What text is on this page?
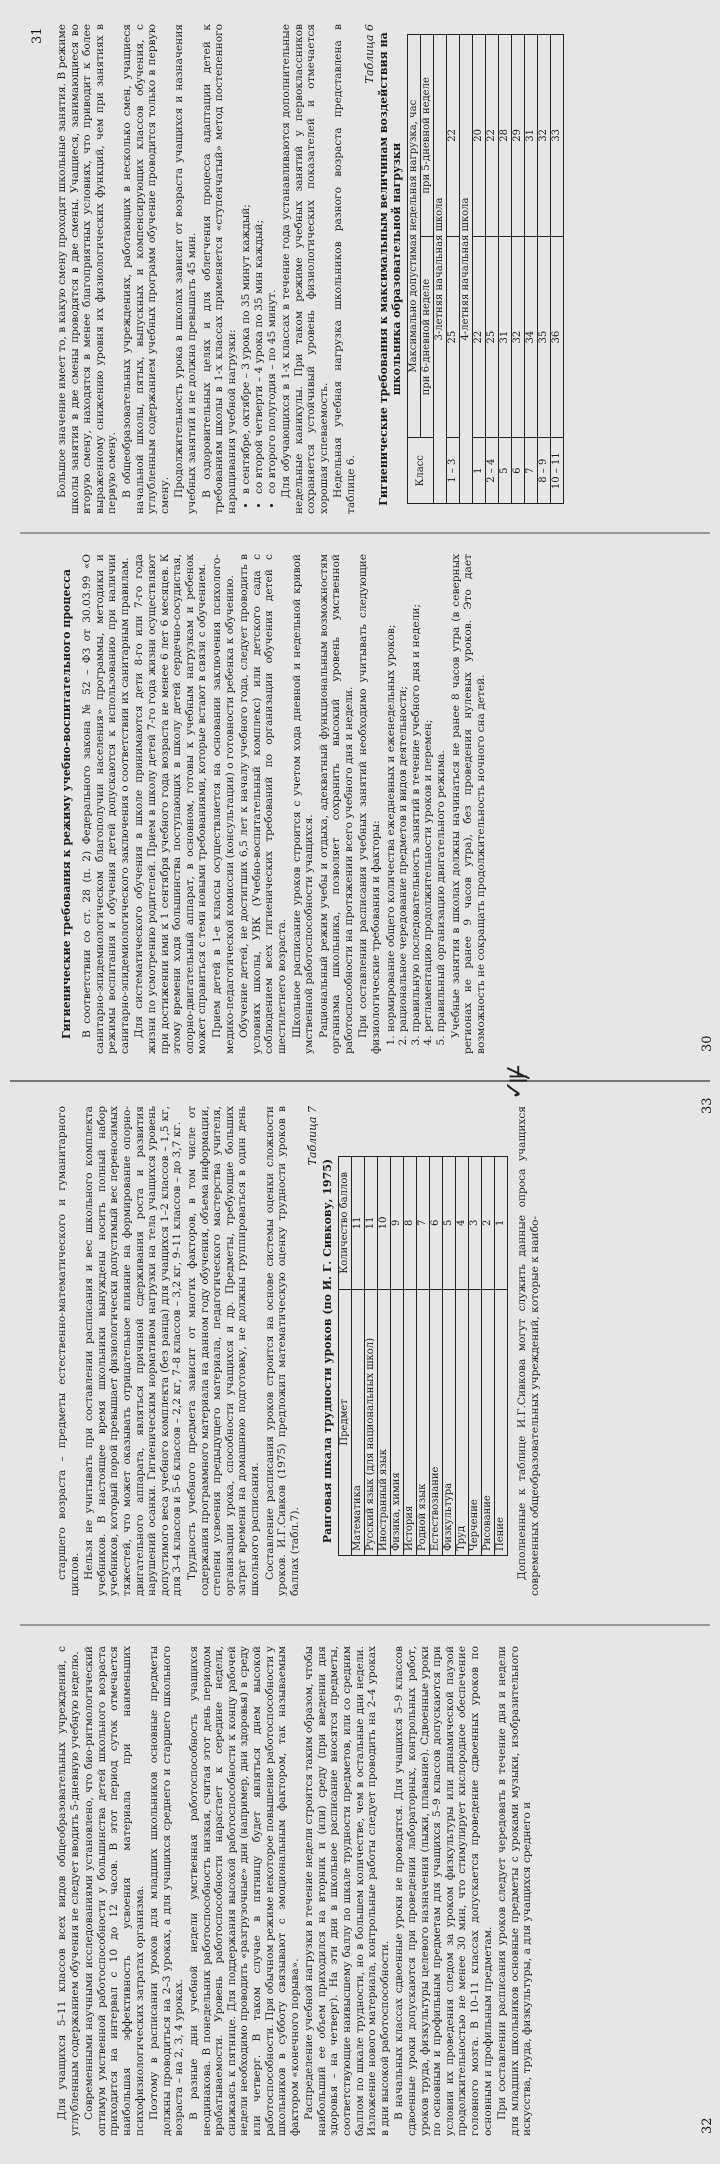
Для учащихся 5–11 классов всех видов общеобразовательных учреждений, с углубленным содержанием обучения не следует вводить 5-дневную учебную неделю. Современными научными исследованиями установлено, что био-ритмологический оптимум умственной работоспособности у большинства детей школьного возраста приходится на интервал с 10 до 12 часов. В этот период суток отмечается наибольшая эффективность усвоения материала при наименьших психофизиологических затратах организма. Поэтому в расписании уроков для младших школьников основные предметы должны проводиться на 2–3 уроках, а для учащихся среднего и старшего школьного возраста – на 2, 3, 4 уроках. В разные дни учебной недели умственная работоспособность учащихся неодинакова. В понедельник работоспособность низкая, считая этот день периодом врабатываемости. Уровень работоспособности нарастает к середине недели, снижаясь к пятнице. Для поддержания высокой работоспособности к концу рабочей недели необходимо проводить «разгрузочные» дни (например, дни здоровья) в среду или четверг. В таком случае в пятницу будет являться днем высокой работоспособности. При обычном режиме некоторое повышение работоспособности у школьников в субботу связывают с эмоциональным фактором, так называемым фактором «конечного порыва». Распределение учебной нагрузки в течение недели строится таким образом, чтобы наибольший ее объем приходился на вторник и (или) среду (при введении дня здоровья – на четверг). На эти дни в школьное расписание вносятся предметы, соответствующие наивысшему баллу по шкале трудности предметов, или со средним баллом по шкале трудности, но в большем количестве, чем в остальные дни недели. Изложение нового материала, контрольные работы следует проводить на 2–4 уроках в дни высокой работоспособности. В начальных классах сдвоенные уроки не проводятся. Для учащихся 5–9 классов сдвоенные уроки допускаются при проведении лабораторных, контрольных работ, уроков труда, физкультуры целевого назначения (лыжи, плавание). Сдвоенные уроки по основным и профильным предметам для учащихся 5–9 классов допускаются при условии их проведения следом за уроком физкультуры или динамической паузой продолжительностью не менее 30 мин, что стимулирует кислородное обеспечение головного мозга. В 10–11 классах допускается проведение сдвоенных уроков по основным и профильным предметам. При составлении расписания уроков следует чередовать в течение дня и недели для младших школьников основные предметы с уроками музыки, изобразительного искусства, труда, физкультуры, а для учащихся среднего и	32

старшего возраста – предметы естественно-математического и гуманитарного циклов. Нельзя не учитывать при составлении расписания и вес школьного комплекта учебников. В настоящее время школьники вынуждены носить полный набор учебников, который порой превышает физиологически допустимый вес переносимых тяжестей, что может оказывать отрицательное влияние на формирование опорно-двигательного аппарата, являться причиной сдерживания роста и развития нарушений осанки. Гигиеническим нормативом нагрузки на тела учащихся уровень допустимого веса учебного комплекта (без ранца) для учащихся 1–2 классов – 1,5 кг, для 3–4 классов и 5–6 классов – 2,2 кг, 7–8 классов – 3,2 кг, 9–11 классов – до 3,7 кг. Трудность учебного предмета зависит от многих факторов, в том числе от содержания программного материала на данном году обучения, объема информации, степени усвоения предыдущего материала, педагогического мастерства учителя, организации урока, способности учащихся и др. Предметы, требующие больших затрат времени на домашнюю подготовку, не должны группироваться в один день школьного расписания. Составление расписания уроков строится на основе системы оценки сложности уроков. И.Г.Сивков (1975) предложил математическую оценку трудности уроков в баллах (табл.7).

Таблица 7
Ранговая шкала трудности уроков (по И. Г. Сивкову, 1975) Предмет	Количество баллов
Математика	11
Русский язык (для национальных школ)	11
Иностранный язык	10
Физика, химия	9
История	8
Родной язык	7
Естествознание	6
Физкультура	5
Труд	4
Черчение	3
Рисование	2
Пение	1 Дополненные к таблице И.Г.Сивкова могут служить данные опроса учащихся современных общеобразовательных учреждений, которые к наибо-

33
✓
Гигиенические требования к режиму учебно-воспитательного процесса В соответствии со ст. 28 (п. 2) Федерального закона № 52 – ФЗ от 30.03.99 «О санитарно-эпидемиологическом благополучии населения» программы, методики и режимы воспитания и обучения детей допускаются к использованию при наличии санитарно-эпидемиологического заключения о соответствии их санитарным правилам. Для систематического обучения в школе принимаются дети 8-го или 7-го года жизни по усмотрению родителей. Прием в школу детей 7-го года жизни осуществляют при достижении ими к 1 сентября учебного года возраста не менее 6 лет 6 месяцев. К этому времени ходя большинства поступающих в школу детей сердечно-сосудистая, опорно-двигательный аппарат, в основном, готовы к учебным нагрузкам и ребенок может справиться с теми новыми требованиями, которые встают в связи с обучением. Прием детей в 1-е классы осуществляется на основании заключения психолого-медико-педагогической комиссии (консультации) о готовности ребенка к обучению. Обучение детей, не достигших 6,5 лет к началу учебного года, следует проводить в условиях школы, УВК (Учебно-воспитательный комплекс) или детского сада с соблюдением всех гигиенических требований по организации обучения детей с шестилетнего возраста. Школьное расписание уроков строится с учетом хода дневной и недельной кривой умственной работоспособности учащихся. Рациональный режим учебы и отдыха, адекватный функциональным возможностям организма школьника, позволяет сохранить высокий уровень умственной работоспособности на протяжении всего учебного дня и недели. При составлении расписания учебных занятий необходимо учитывать следующие физиологические требования и факторы: 1. нормирование общего количества ежедневных и еженедельных уроков; 2. рациональное чередование предметов и видов деятельности; 3. правильную последовательность занятий в течение учебного дня и недели; 4. регламентацию продолжительности уроков и перемен; 5. правильный организацию двигательного режима. Учебные занятия в школах должны начинаться не ранее 8 часов утра (в северных регионах не ранее 9 часов утра), без проведения нулевых уроков. Это дает возможность не сокращать продолжительность ночного сна детей.	30
⊮

Большое значение имеет то, в какую смену проходят школьные занятия. В режиме школы занятия в две смены проводятся в две смены. Учащиеся, занимающиеся во вторую смену, находятся в менее благоприятных условиях, что приводит к более выраженному снижению уровня их физиологических функций, чем при занятиях в первую смену. В общеобразовательных учреждениях, работающих в несколько смен, учащиеся начальной школы, пятых, выпускных и компенсирующих классов обучения, с углубленным содержанием учебных программ обучение проводится только в первую смену. Продолжительность урока в школах зависит от возраста учащихся и назначения учебных занятий и не должна превышать 45 мин. В оздоровительных целях и для облегчения процесса адаптации детей к требованиям школы в 1-х классах применяется «ступенчатый» метод постепенного наращивания учебной нагрузки: • в сентябре, октябре – 3 урока по 35 минут каждый; • со второй четверти – 4 урока по 35 мин каждый; • со второго полугодия – по 45 минут. Для обучающихся в 1-х классах в течение года устанавливаются дополнительные недельные каникулы. При таком режиме учебных занятий у первоклассников сохраняется устойчивый уровень физиологических показателей и отмечается хорошая успеваемость. Недельная учебная нагрузка школьников разного возраста представлена в таблице 6.

Таблица 6 Гигиенические требования к максимальным величинам воздействия на школьника образовательной нагрузки
Класс	Максимально допустимая недельная нагрузка, час	
	при 6-дневной неделе	при 5-дневной неделе
3-летняя начальная школа		
1 – 3	25	22
4-летняя начальная школа		
1	22	20
2 – 4	25	22
5	31	28
6	32	29
7	34	31
8 – 9	35	32
10 – 11	36	33
31
